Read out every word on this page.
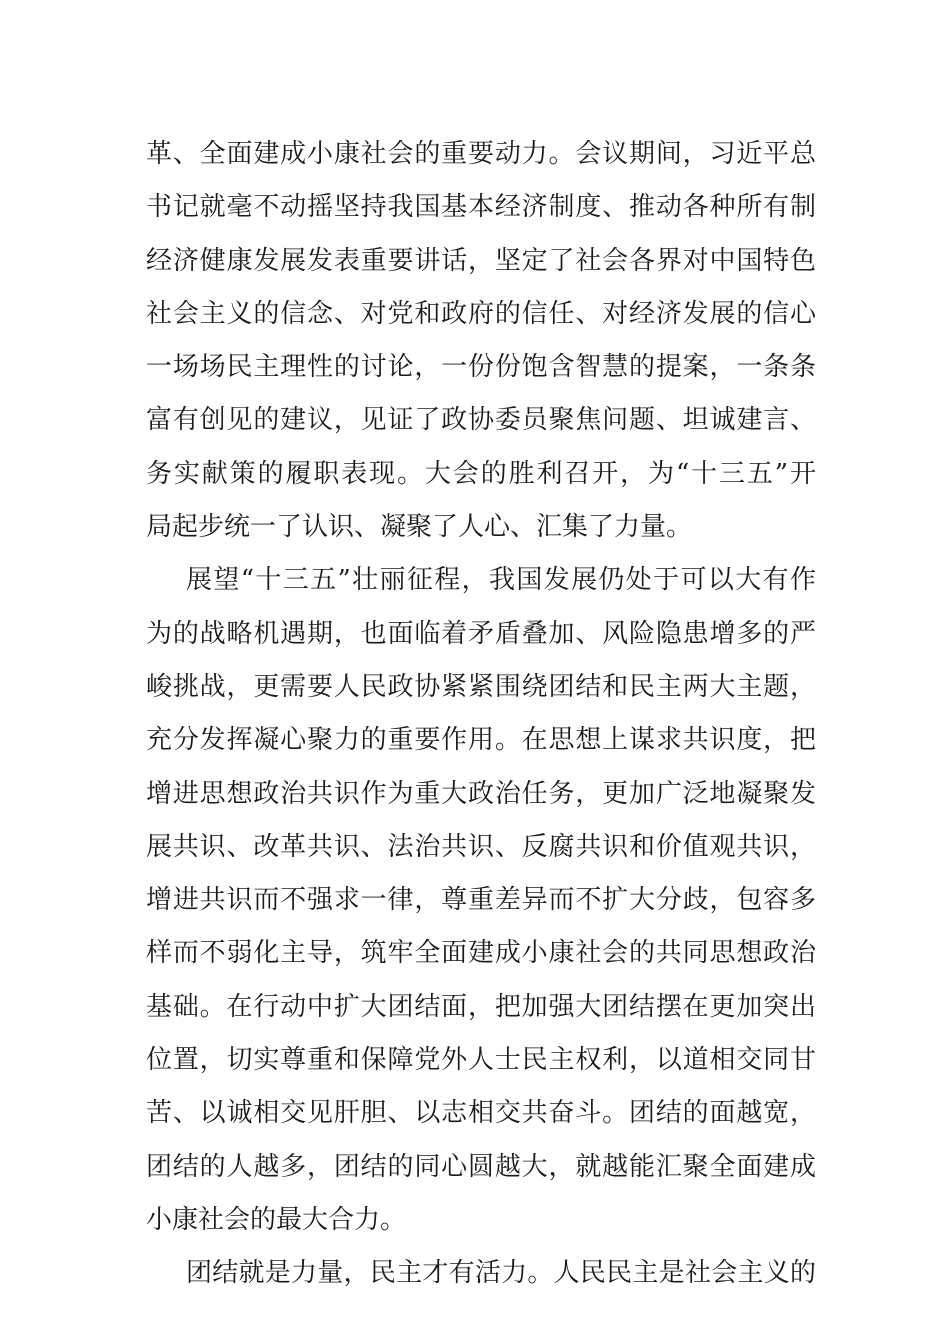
革、全面建成小康社会的重要动力。会议期间，习近平总
书记就毫不动摇坚持我国基本经济制度、推动各种所有制
经济健康发展发表重要讲话，坚定了社会各界对中国特色
社会主义的信念、对党和政府的信任、对经济发展的信心
一场场民主理性的讨论，一份份饱含智慧的提案，一条条
富有创见的建议，见证了政协委员聚焦问题、坦诚建言、
务实献策的履职表现。大会的胜利召开，为“十三五”开
局起步统一了认识、凝聚了人心、汇集了力量。
展望“十三五”壮丽征程，我国发展仍处于可以大有作
为的战略机遇期，也面临着矛盾叠加、风险隐患增多的严
峻挑战，更需要人民政协紧紧围绕团结和民主两大主题，
充分发挥凝心聚力的重要作用。在思想上谋求共识度，把
增进思想政治共识作为重大政治任务，更加广泛地凝聚发
展共识、改革共识、法治共识、反腐共识和价值观共识，
增进共识而不强求一律，尊重差异而不扩大分歧，包容多
样而不弱化主导，筑牢全面建成小康社会的共同思想政治
基础。在行动中扩大团结面，把加强大团结摆在更加突出
位置，切实尊重和保障党外人士民主权利，以道相交同甘
苦、以诚相交见肝胆、以志相交共奋斗。团结的面越宽，
团结的人越多，团结的同心圆越大，就越能汇聚全面建成
小康社会的最大合力。
团结就是力量，民主才有活力。人民民主是社会主义的
